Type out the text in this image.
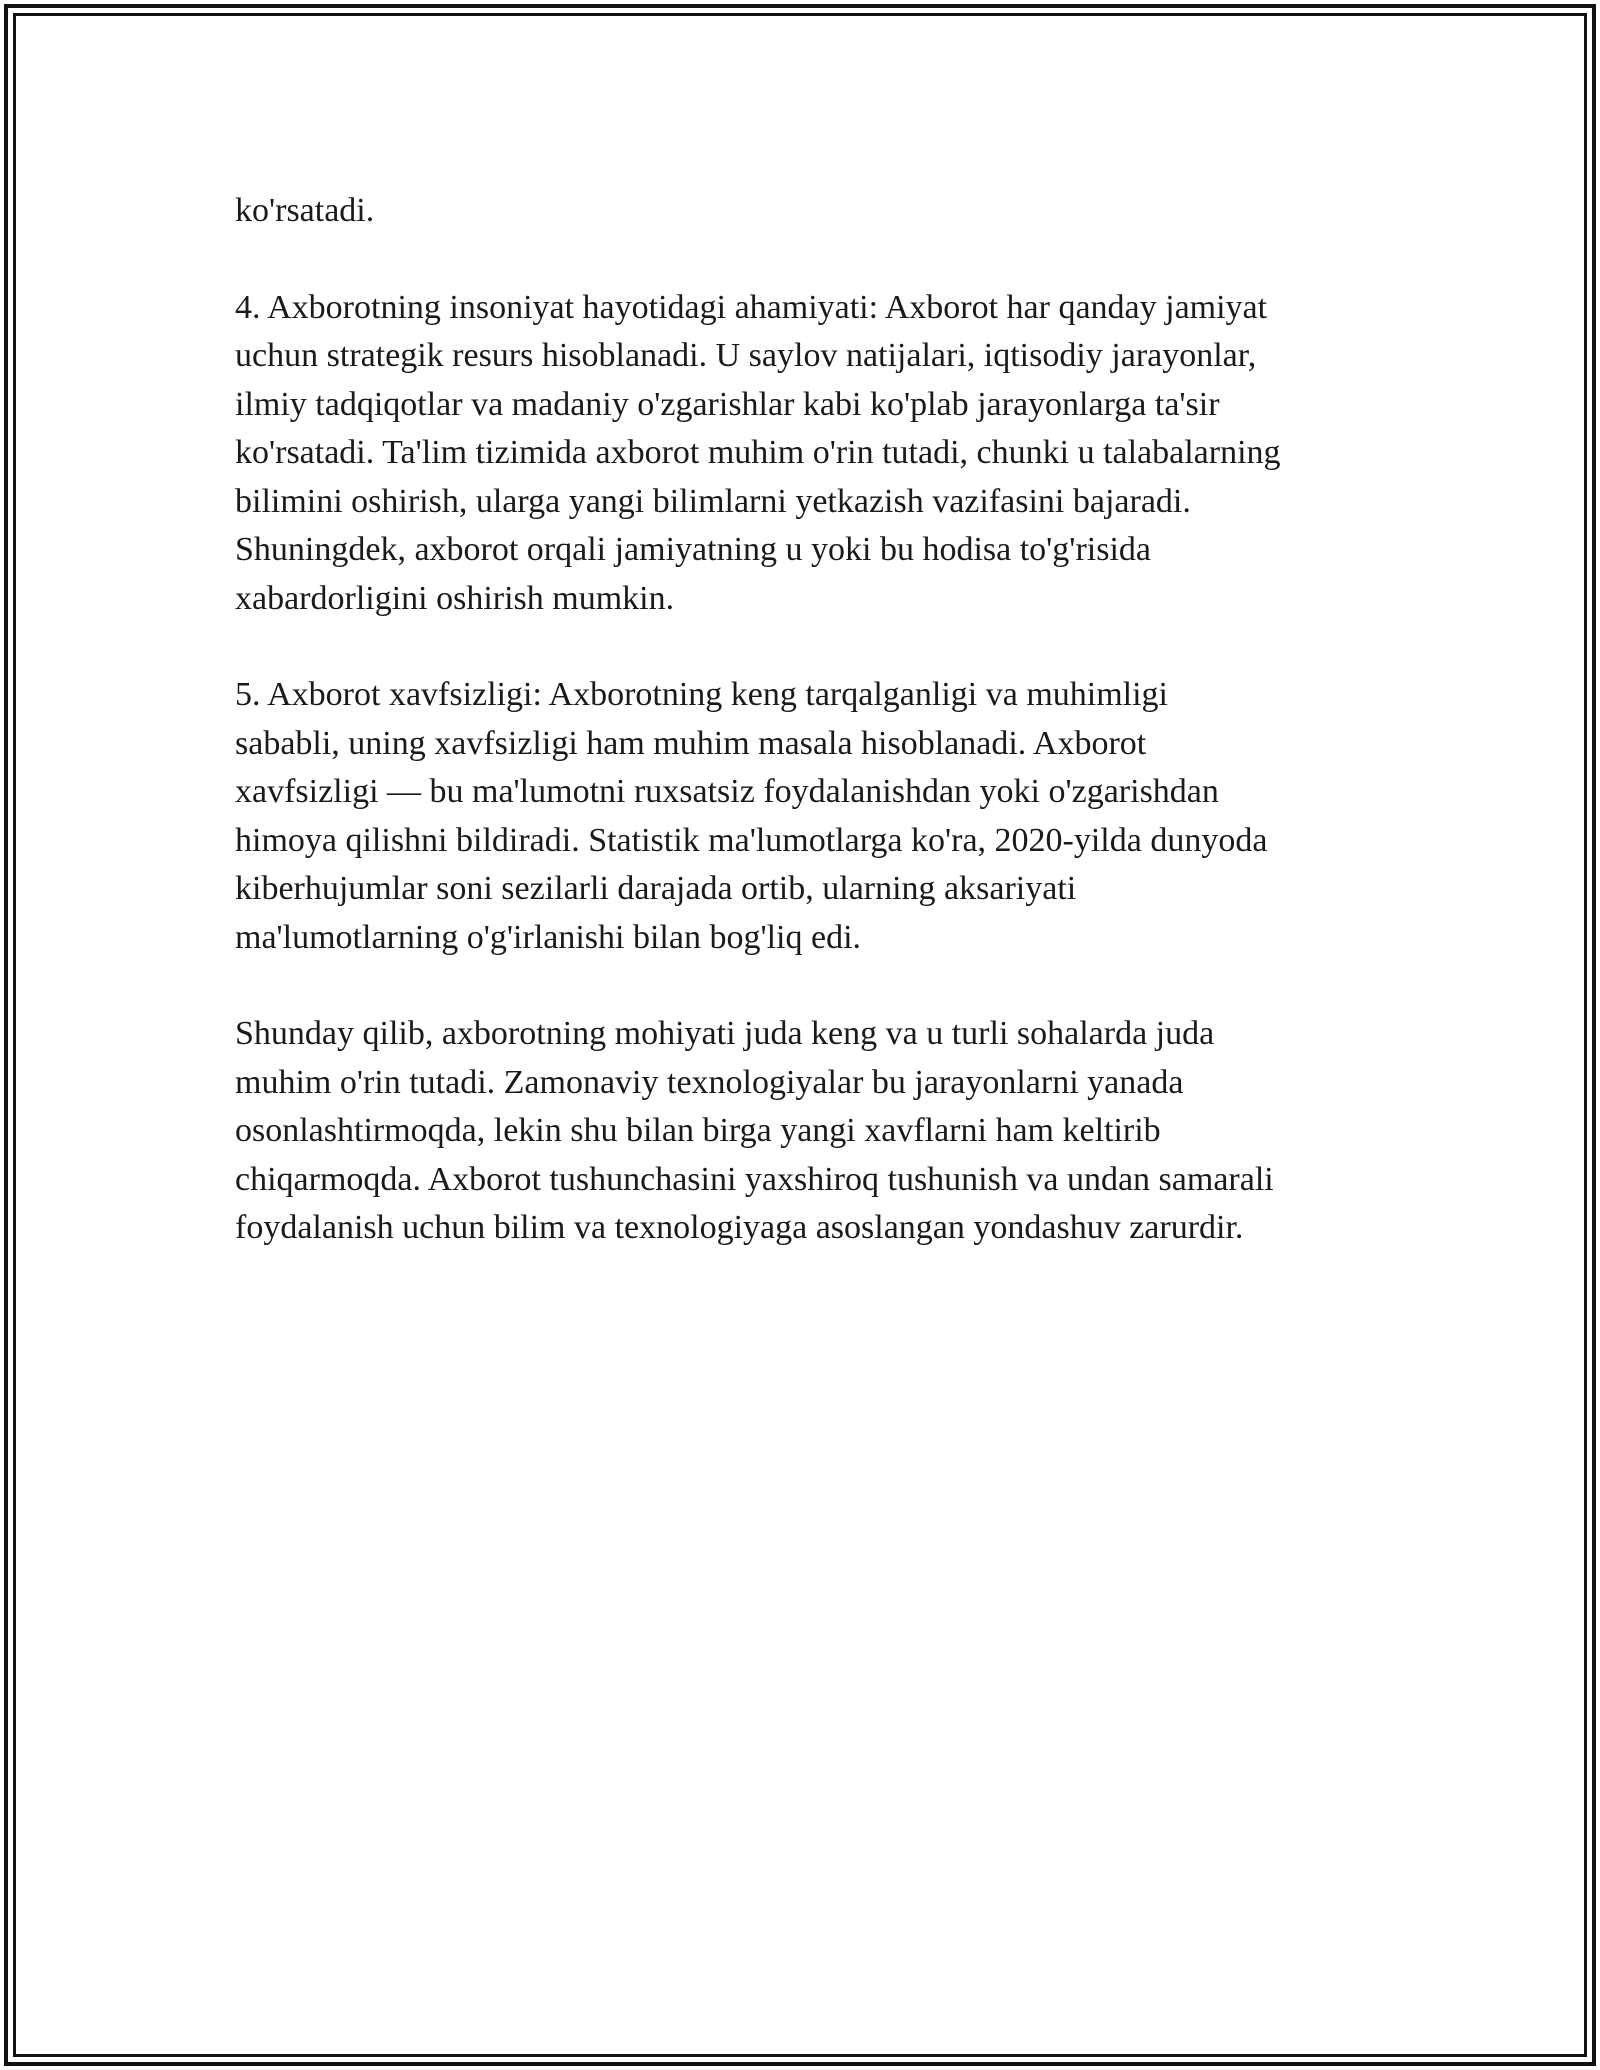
ko'rsatadi.

4. Axborotning insoniyat hayotidagi ahamiyati: Axborot har qanday jamiyat
uchun strategik resurs hisoblanadi. U saylov natijalari, iqtisodiy jarayonlar,
ilmiy tadqiqotlar va madaniy o'zgarishlar kabi ko'plab jarayonlarga ta'sir
ko'rsatadi. Ta'lim tizimida axborot muhim o'rin tutadi, chunki u talabalarning
bilimini oshirish, ularga yangi bilimlarni yetkazish vazifasini bajaradi.
Shuningdek, axborot orqali jamiyatning u yoki bu hodisa to'g'risida
xabardorligini oshirish mumkin.

5. Axborot xavfsizligi: Axborotning keng tarqalganligi va muhimligi
sababli, uning xavfsizligi ham muhim masala hisoblanadi. Axborot
xavfsizligi — bu ma'lumotni ruxsatsiz foydalanishdan yoki o'zgarishdan
himoya qilishni bildiradi. Statistik ma'lumotlarga ko'ra, 2020-yilda dunyoda
kiberhujumlar soni sezilarli darajada ortib, ularning aksariyati
ma'lumotlarning o'g'irlanishi bilan bog'liq edi.

Shunday qilib, axborotning mohiyati juda keng va u turli sohalarda juda
muhim o'rin tutadi. Zamonaviy texnologiyalar bu jarayonlarni yanada
osonlashtirmoqda, lekin shu bilan birga yangi xavflarni ham keltirib
chiqarmoqda. Axborot tushunchasini yaxshiroq tushunish va undan samarali
foydalanish uchun bilim va texnologiyaga asoslangan yondashuv zarurdir.
